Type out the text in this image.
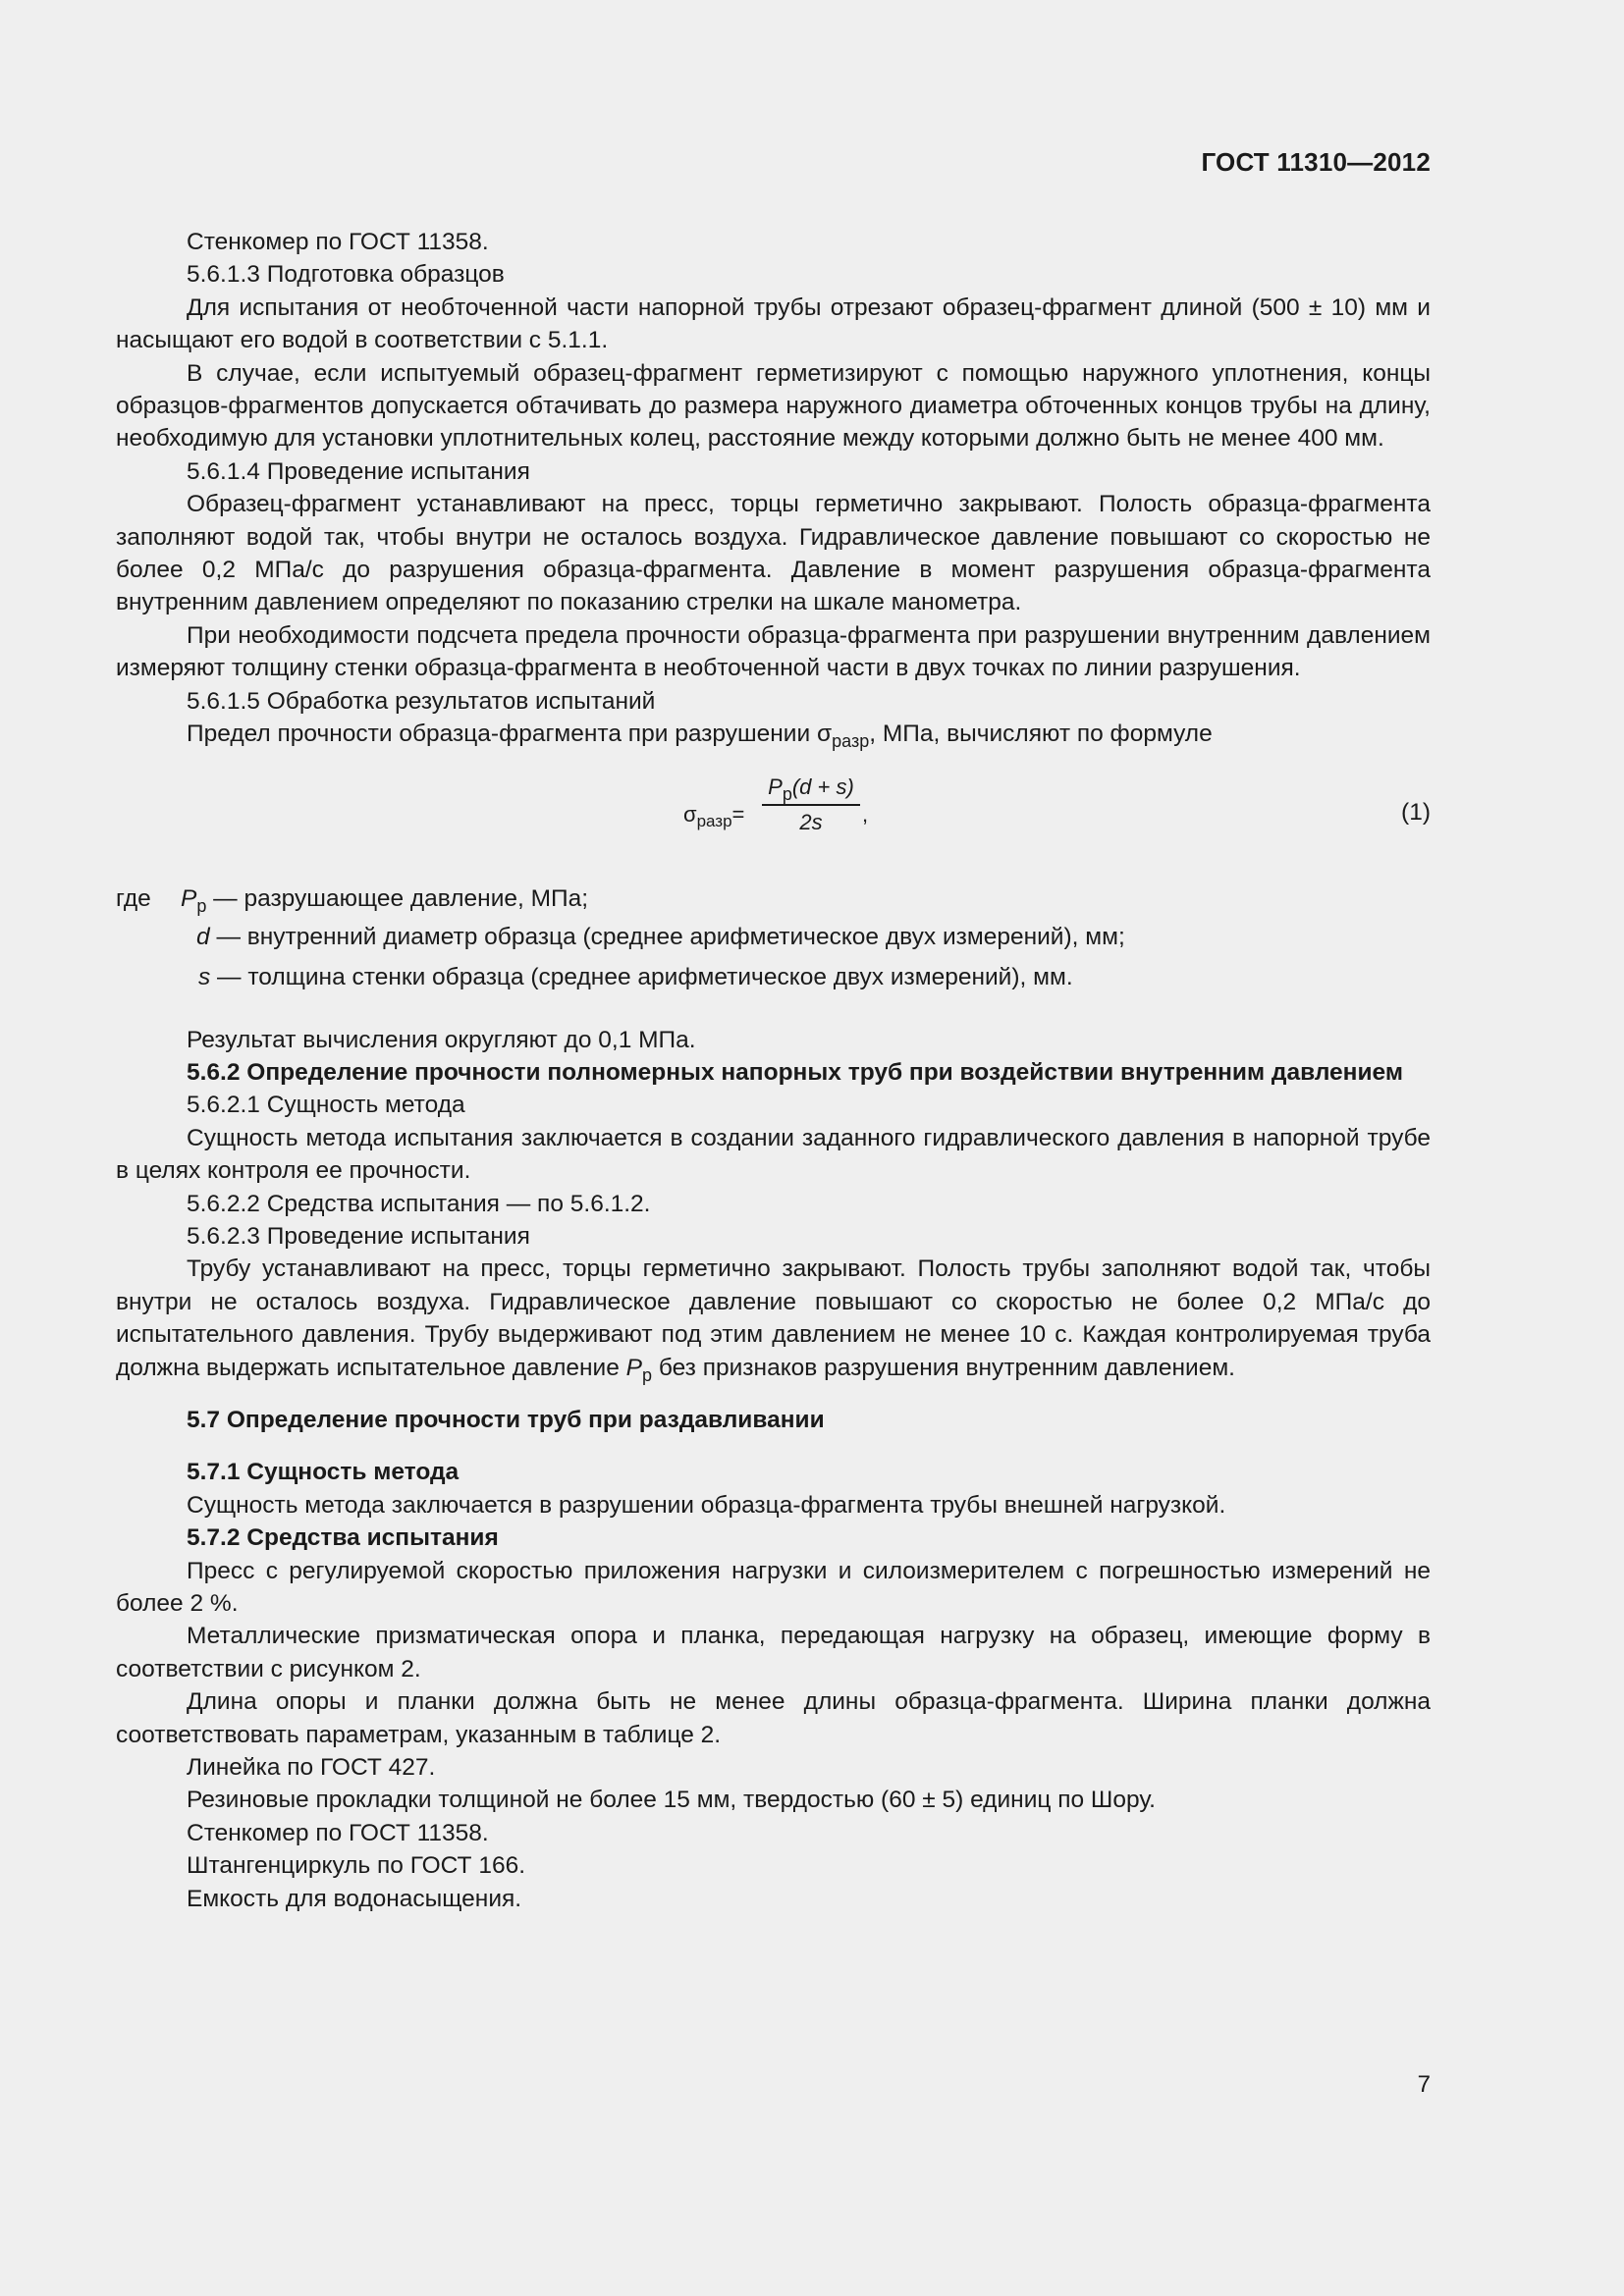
ГОСТ 11310—2012

Стенкомер по ГОСТ 11358.

5.6.1.3 Подготовка образцов

Для испытания от необточенной части напорной трубы отрезают образец-фрагмент длиной (500 ± 10) мм и насыщают его водой в соответствии с 5.1.1.

В случае, если испытуемый образец-фрагмент герметизируют с помощью наружного уплотнения, концы образцов-фрагментов допускается обтачивать до размера наружного диаметра обточенных концов трубы на длину, необходимую для установки уплотнительных колец, расстояние между которыми должно быть не менее 400 мм.

5.6.1.4 Проведение испытания

Образец-фрагмент устанавливают на пресс, торцы герметично закрывают. Полость образца-фрагмента заполняют водой так, чтобы внутри не осталось воздуха. Гидравлическое давление повышают со скоростью не более 0,2 МПа/с до разрушения образца-фрагмента. Давление в момент разрушения образца-фрагмента внутренним давлением определяют по показанию стрелки на шкале манометра.

При необходимости подсчета предела прочности образца-фрагмента при разрушении внутренним давлением измеряют толщину стенки образца-фрагмента в необточенной части в двух точках по линии разрушения.

5.6.1.5 Обработка результатов испытаний

Предел прочности образца-фрагмента при разрушении $\sigma_{разр}$, МПа, вычисляют по формуле

$\sigma_{разр}=$
$P_р(d + s)$
2s	,	(1)
где $P_р$ — разрушающее давление, МПа;
d — внутренний диаметр образца (среднее арифметическое двух измерений), мм;
s — толщина стенки образца (среднее арифметическое двух измерений), мм.

Результат вычисления округляют до 0,1 МПа.

5.6.2 Определение прочности полномерных напорных труб при воздействии внутренним давлением

5.6.2.1 Сущность метода

Сущность метода испытания заключается в создании заданного гидравлического давления в напорной трубе в целях контроля ее прочности.

5.6.2.2 Средства испытания — по 5.6.1.2.

5.6.2.3 Проведение испытания

Трубу устанавливают на пресс, торцы герметично закрывают. Полость трубы заполняют водой так, чтобы внутри не осталось воздуха. Гидравлическое давление повышают со скоростью не более 0,2 МПа/с до испытательного давления. Трубу выдерживают под этим давлением не менее 10 с. Каждая контролируемая труба должна выдержать испытательное давление $P_р$ без признаков разрушения внутренним давлением.

5.7 Определение прочности труб при раздавливании

5.7.1 Сущность метода

Сущность метода заключается в разрушении образца-фрагмента трубы внешней нагрузкой.

5.7.2 Средства испытания

Пресс с регулируемой скоростью приложения нагрузки и силоизмерителем с погрешностью измерений не более 2 %.

Металлические призматическая опора и планка, передающая нагрузку на образец, имеющие форму в соответствии с рисунком 2.

Длина опоры и планки должна быть не менее длины образца-фрагмента. Ширина планки должна соответствовать параметрам, указанным в таблице 2.

Линейка по ГОСТ 427.

Резиновые прокладки толщиной не более 15 мм, твердостью (60 ± 5) единиц по Шору.

Стенкомер по ГОСТ 11358.

Штангенциркуль по ГОСТ 166.

Емкость для водонасыщения.

7
